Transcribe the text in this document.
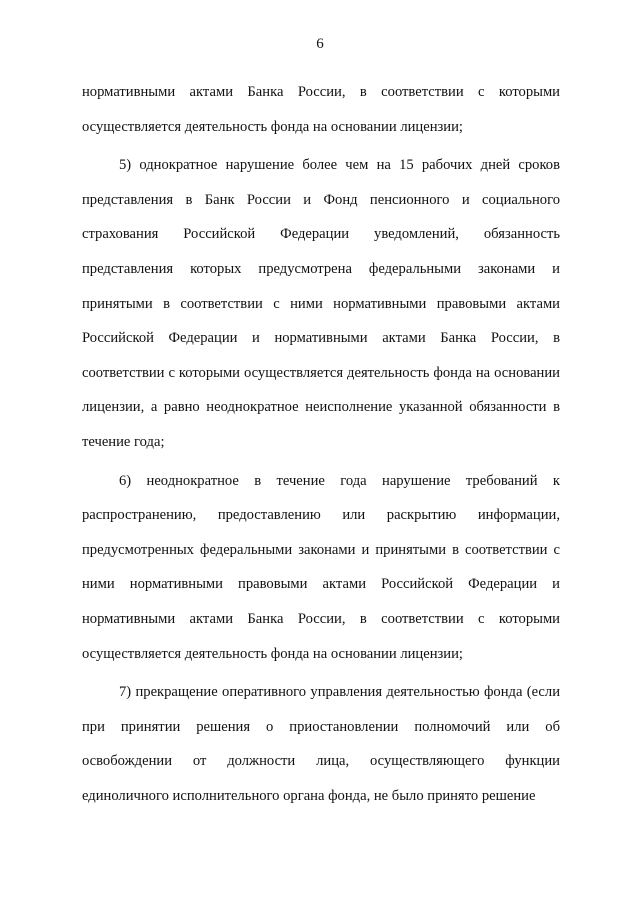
6

нормативными актами Банка России, в соответствии с которыми осуществляется деятельность фонда на основании лицензии;

5) однократное нарушение более чем на 15 рабочих дней сроков представления в Банк России и Фонд пенсионного и социального страхования Российской Федерации уведомлений, обязанность представления которых предусмотрена федеральными законами и принятыми в соответствии с ними нормативными правовыми актами Российской Федерации и нормативными актами Банка России, в соответствии с которыми осуществляется деятельность фонда на основании лицензии, а равно неоднократное неисполнение указанной обязанности в течение года;

6) неоднократное в течение года нарушение требований к распространению, предоставлению или раскрытию информации, предусмотренных федеральными законами и принятыми в соответствии с ними нормативными правовыми актами Российской Федерации и нормативными актами Банка России, в соответствии с которыми осуществляется деятельность фонда на основании лицензии;

7) прекращение оперативного управления деятельностью фонда (если при принятии решения о приостановлении полномочий или об освобождении от должности лица, осуществляющего функции единоличного исполнительного органа фонда, не было принято решение
